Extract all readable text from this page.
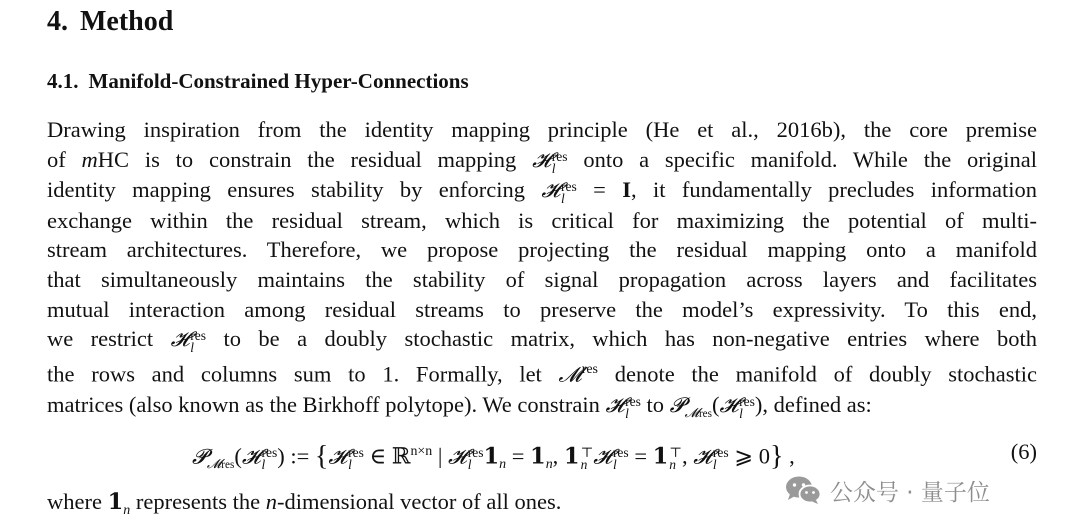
4. Method
4.1. Manifold-Constrained Hyper-Connections
Drawing inspiration from the identity mapping principle (He et al., 2016b), the core premise
of mHC is to constrain the residual mapping 𝓗 res
l onto a specific manifold. While the original
identity mapping ensures stability by enforcing 𝓗 res
l = I, it fundamentally precludes information
exchange within the residual stream, which is critical for maximizing the potential of multi-
stream architectures. Therefore, we propose projecting the residual mapping onto a manifold
that simultaneously maintains the stability of signal propagation across layers and facilitates
mutual interaction among residual streams to preserve the model’s expressivity. To this end,
we restrict 𝓗 res
l to be a doubly stochastic matrix, which has non-negative entries where both
the rows and columns sum to 1. Formally, let 𝓜$^{res}$ denote the manifold of doubly stochastic
matrices (also known as the Birkhoff polytope). We constrain 𝓗 res
l to 𝓟$_{𝓜res}$(𝓗 res
l ), defined as:
𝓟$_{𝓜res}$(𝓗 res
l ) := {𝓗 res
l ∈ ℝ$^{n\times n}$ | 𝓗 res
l $𝟏_n$ = $𝟏_n$, 𝟏 ⊤
n 𝓗 res
l = 𝟏 ⊤
n , 𝓗 res
l ⩾ 0} ,	(6)
where $𝟏_n$ represents the n-dimensional vector of all ones.	公众号 · 量子位
